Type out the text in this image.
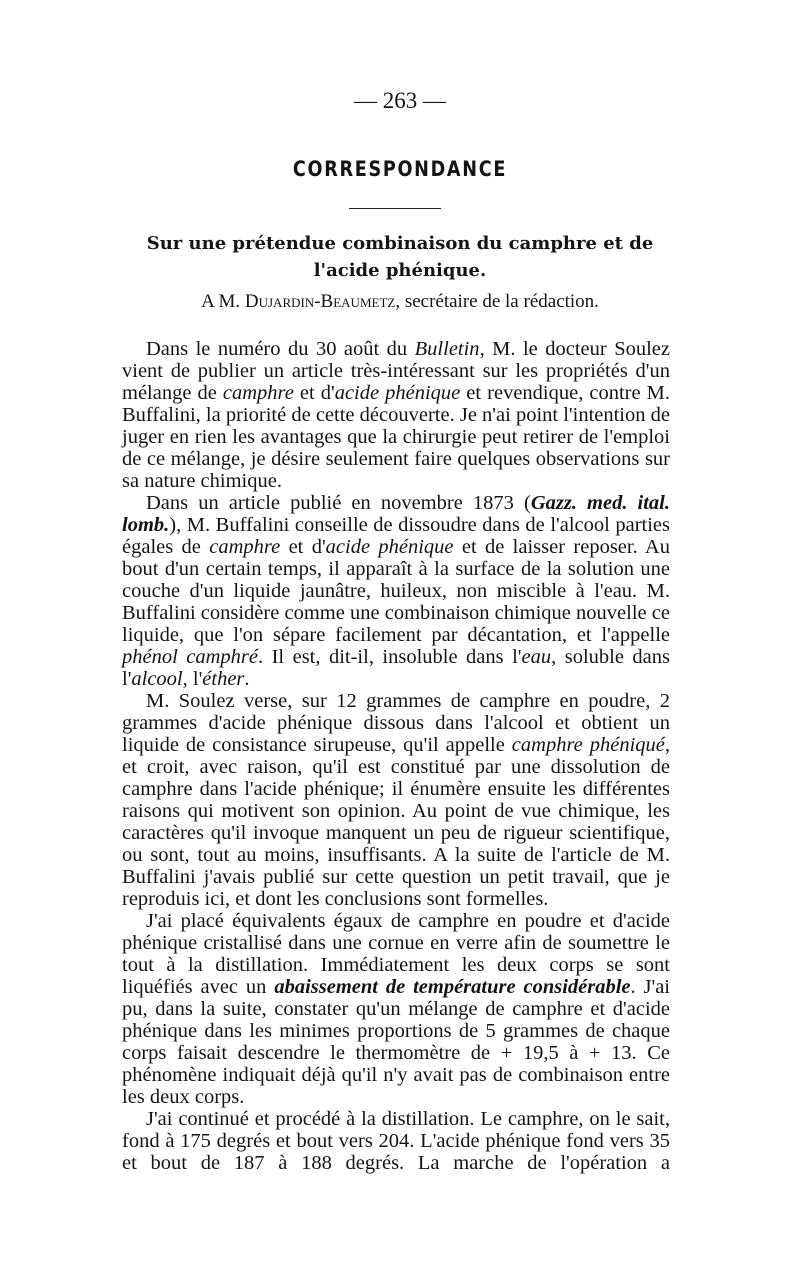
— 263 —
CORRESPONDANCE
Sur une prétendue combinaison du camphre et de l'acide phénique.
A M. Dujardin-Beaumetz, secrétaire de la rédaction.

Dans le numéro du 30 août du Bulletin, M. le docteur Soulez vient de publier un article très-intéressant sur les propriétés d'un mélange de camphre et d'acide phénique et revendique, contre M. Buffalini, la priorité de cette découverte. Je n'ai point l'intention de juger en rien les avantages que la chirurgie peut retirer de l'emploi de ce mélange, je désire seulement faire quelques observations sur sa nature chimique.

Dans un article publié en novembre 1873 (Gazz. med. ital. lomb.), M. Buffalini conseille de dissoudre dans de l'alcool parties égales de camphre et d'acide phénique et de laisser reposer. Au bout d'un certain temps, il apparaît à la surface de la solution une couche d'un liquide jaunâtre, huileux, non miscible à l'eau. M. Buffalini considère comme une combinaison chimique nouvelle ce liquide, que l'on sépare facilement par décantation, et l'appelle phénol camphré. Il est, dit-il, insoluble dans l'eau, soluble dans l'alcool, l'éther.

M. Soulez verse, sur 12 grammes de camphre en poudre, 2 grammes d'acide phénique dissous dans l'alcool et obtient un liquide de consistance sirupeuse, qu'il appelle camphre phéniqué, et croit, avec raison, qu'il est constitué par une dissolution de camphre dans l'acide phénique; il énumère ensuite les différentes raisons qui motivent son opinion. Au point de vue chimique, les caractères qu'il invoque manquent un peu de rigueur scientifique, ou sont, tout au moins, insuffisants. A la suite de l'article de M. Buffalini j'avais publié sur cette question un petit travail, que je reproduis ici, et dont les conclusions sont formelles.

J'ai placé équivalents égaux de camphre en poudre et d'acide phénique cristallisé dans une cornue en verre afin de soumettre le tout à la distillation. Immédiatement les deux corps se sont liquéfiés avec un abaissement de température considérable. J'ai pu, dans la suite, constater qu'un mélange de camphre et d'acide phénique dans les minimes proportions de 5 grammes de chaque corps faisait descendre le thermomètre de + 19,5 à + 13. Ce phénomène indiquait déjà qu'il n'y avait pas de combinaison entre les deux corps.

J'ai continué et procédé à la distillation. Le camphre, on le sait, fond à 175 degrés et bout vers 204. L'acide phénique fond vers 35 et bout de 187 à 188 degrés. La marche de l'opération a
